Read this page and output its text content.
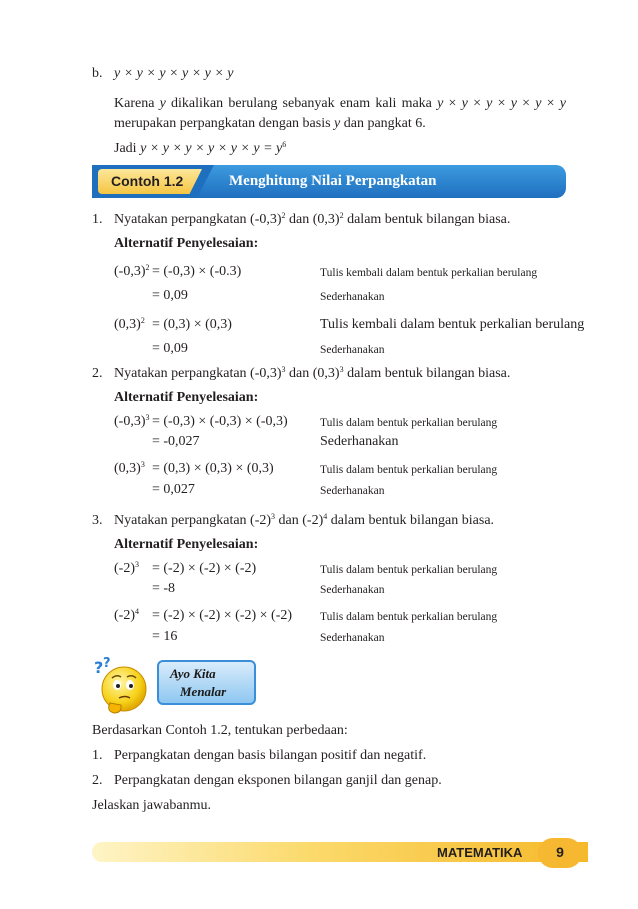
b. y × y × y × y × y × y
Karena y dikalikan berulang sebanyak enam kali maka y × y × y × y × y × y
merupakan perpangkatan dengan basis y dan pangkat 6.
Jadi $y \times y \times y \times y \times y \times y = y^6$
Contoh 1.2	Menghitung Nilai Perpangkatan
1. Nyatakan perpangkatan $(-0,3)^2$ dan $(0,3)^2$ dalam bentuk bilangan biasa.
Alternatif Penyelesaian:
$(-0,3)^2 = (-0,3) \times (-0.3)$	Tulis kembali dalam bentuk perkalian berulang
= 0,09	Sederhanakan
$(0,3)^2 = (0,3) \times (0,3)$	Tulis kembali dalam bentuk perkalian berulang
= 0,09	Sederhanakan
2. Nyatakan perpangkatan $(-0,3)^3$ dan $(0,3)^3$ dalam bentuk bilangan biasa.
Alternatif Penyelesaian:
$(-0,3)^3 = (-0,3) \times (-0,3) \times (-0,3)$	Tulis dalam bentuk perkalian berulang
= -0,027	Sederhanakan
$(0,3)^3 = (0,3) \times (0,3) \times (0,3)$	Tulis dalam bentuk perkalian berulang
= 0,027	Sederhanakan
3. Nyatakan perpangkatan $(-2)^3$ dan $(-2)^4$ dalam bentuk bilangan biasa.
Alternatif Penyelesaian:
$(-2)^3 = (-2) \times (-2) \times (-2)$	Tulis dalam bentuk perkalian berulang
= -8	Sederhanakan
$(-2)^4 = (-2) \times (-2) \times (-2) \times (-2)$ Tulis dalam bentuk perkalian berulang
= 16	Sederhanakan
? ?
Ayo Kita
Menalar
Berdasarkan Contoh 1.2, tentukan perbedaan:
1. Perpangkatan dengan basis bilangan positif dan negatif.
2. Perpangkatan dengan eksponen bilangan ganjil dan genap.
Jelaskan jawabanmu.
MATEMATIKA	9
